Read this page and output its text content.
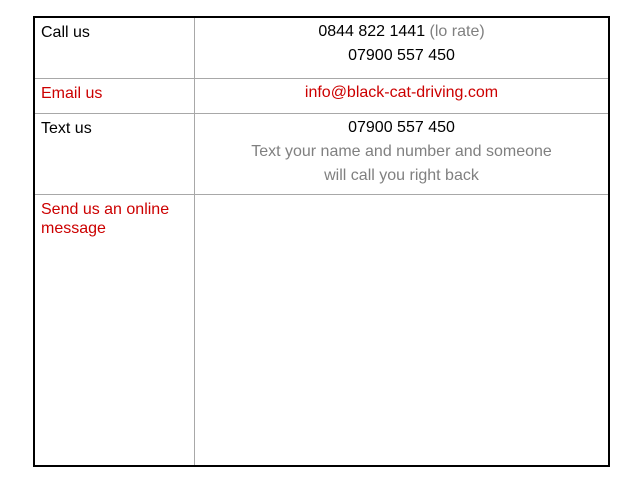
Call us	0844 822 1441 (lo rate)
07900 557 450

Email us	info@black-cat-driving.com

Text us	07900 557 450
Text your name and number and someone
will call you right back

Send us an online message	
